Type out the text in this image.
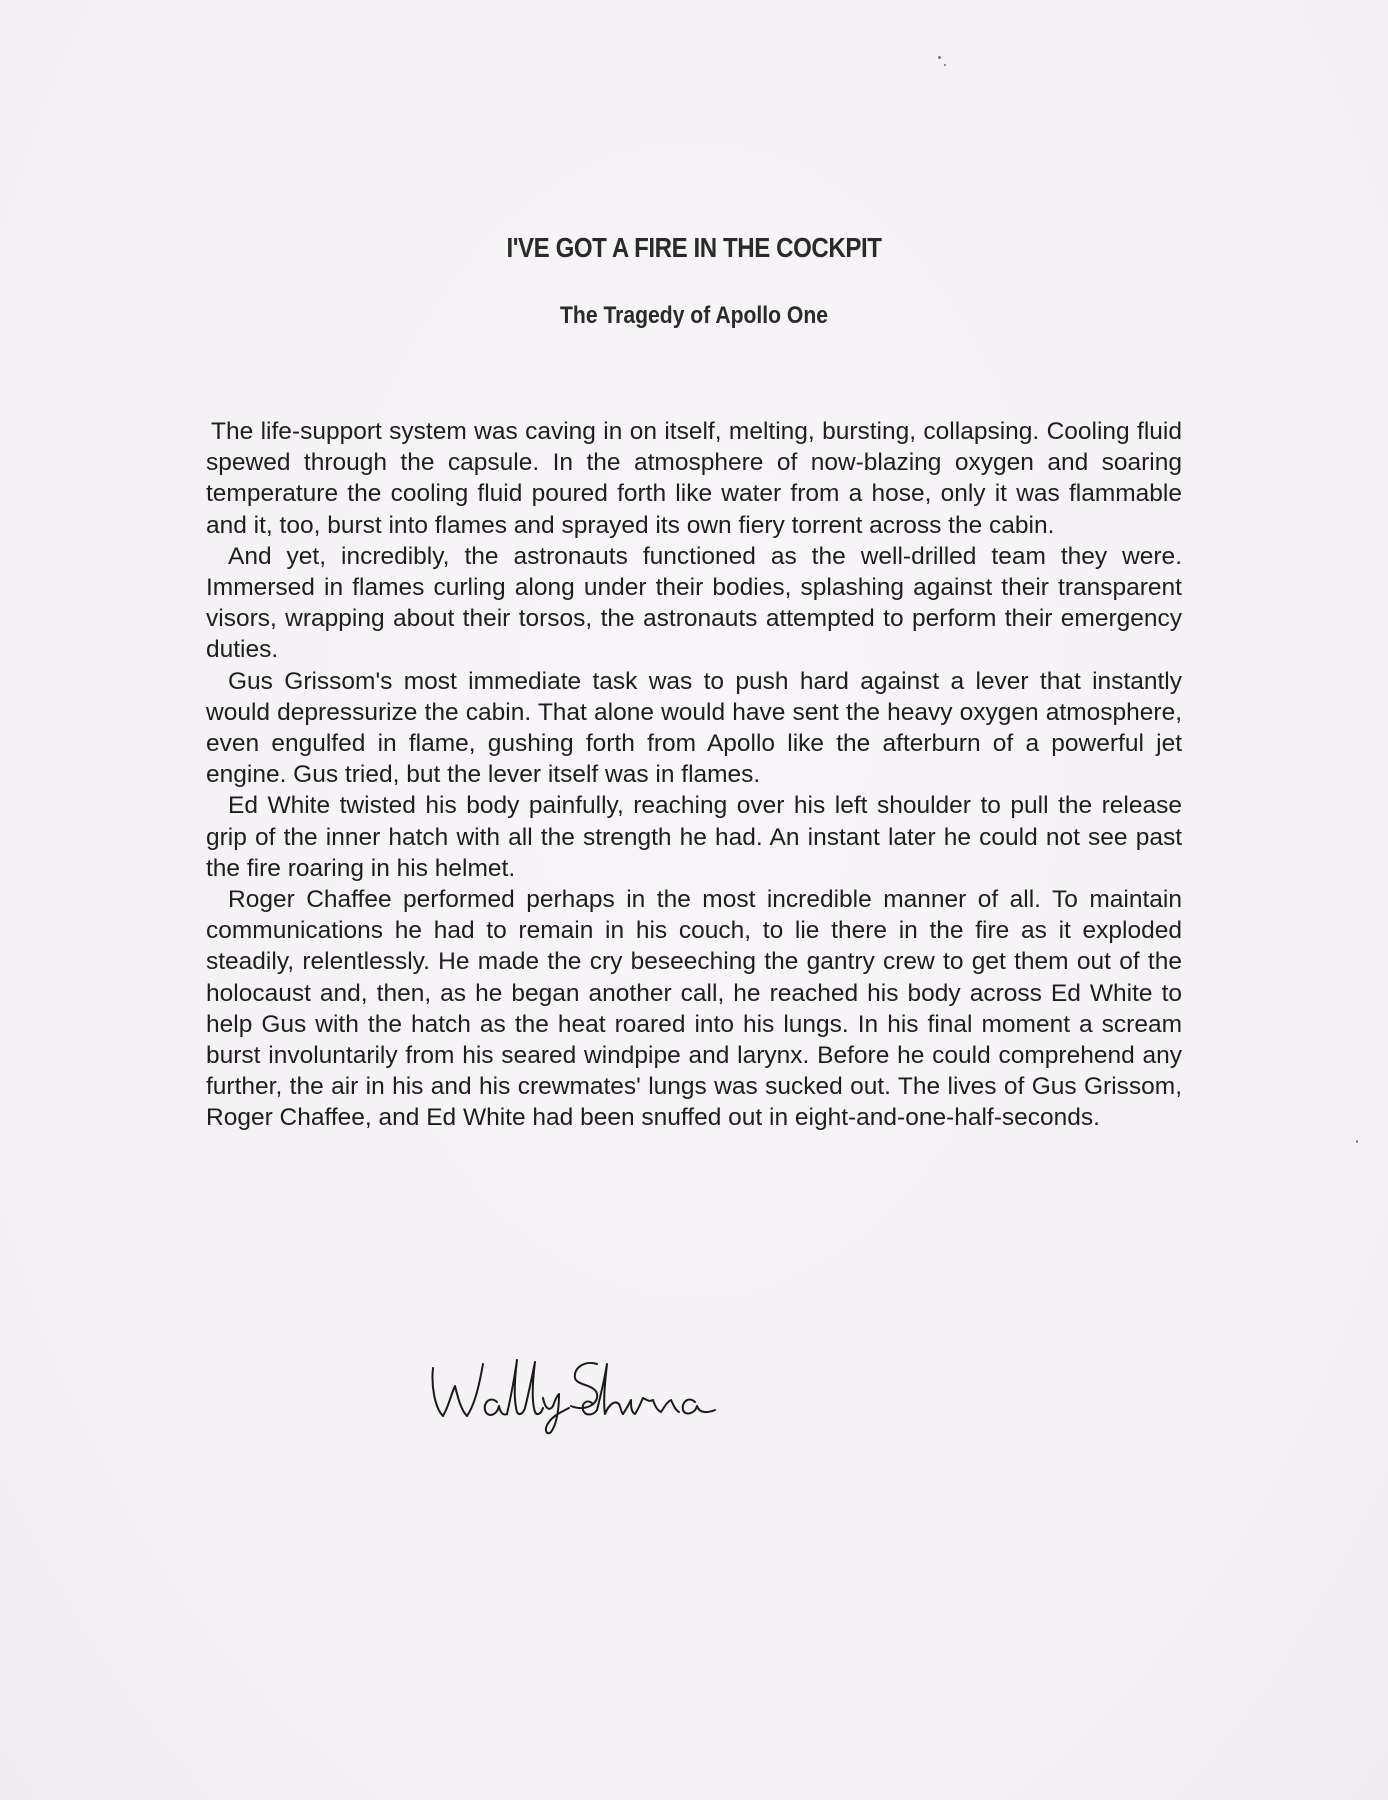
I'VE GOT A FIRE IN THE COCKPIT
The Tragedy of Apollo One

The life-support system was caving in on itself, melting, bursting, collapsing. Cooling fluid spewed through the capsule. In the atmosphere of now-blazing oxygen and soaring temperature the cooling fluid poured forth like water from a hose, only it was flammable and it, too, burst into flames and sprayed its own fiery torrent across the cabin.

And yet, incredibly, the astronauts functioned as the well-drilled team they were. Immersed in flames curling along under their bodies, splashing against their transparent visors, wrapping about their torsos, the astronauts attempted to perform their emergency duties.

Gus Grissom's most immediate task was to push hard against a lever that instantly would depressurize the cabin. That alone would have sent the heavy oxygen atmosphere, even engulfed in flame, gushing forth from Apollo like the afterburn of a powerful jet engine. Gus tried, but the lever itself was in flames.

Ed White twisted his body painfully, reaching over his left shoulder to pull the release grip of the inner hatch with all the strength he had. An instant later he could not see past the fire roaring in his helmet.

Roger Chaffee performed perhaps in the most incredible manner of all. To maintain communications he had to remain in his couch, to lie there in the fire as it exploded steadily, relentlessly. He made the cry beseeching the gantry crew to get them out of the holocaust and, then, as he began another call, he reached his body across Ed White to help Gus with the hatch as the heat roared into his lungs. In his final moment a scream burst involuntarily from his seared windpipe and larynx. Before he could comprehend any further, the air in his and his crewmates' lungs was sucked out. The lives of Gus Grissom, Roger Chaffee, and Ed White had been snuffed out in eight-and-one-half-seconds.
